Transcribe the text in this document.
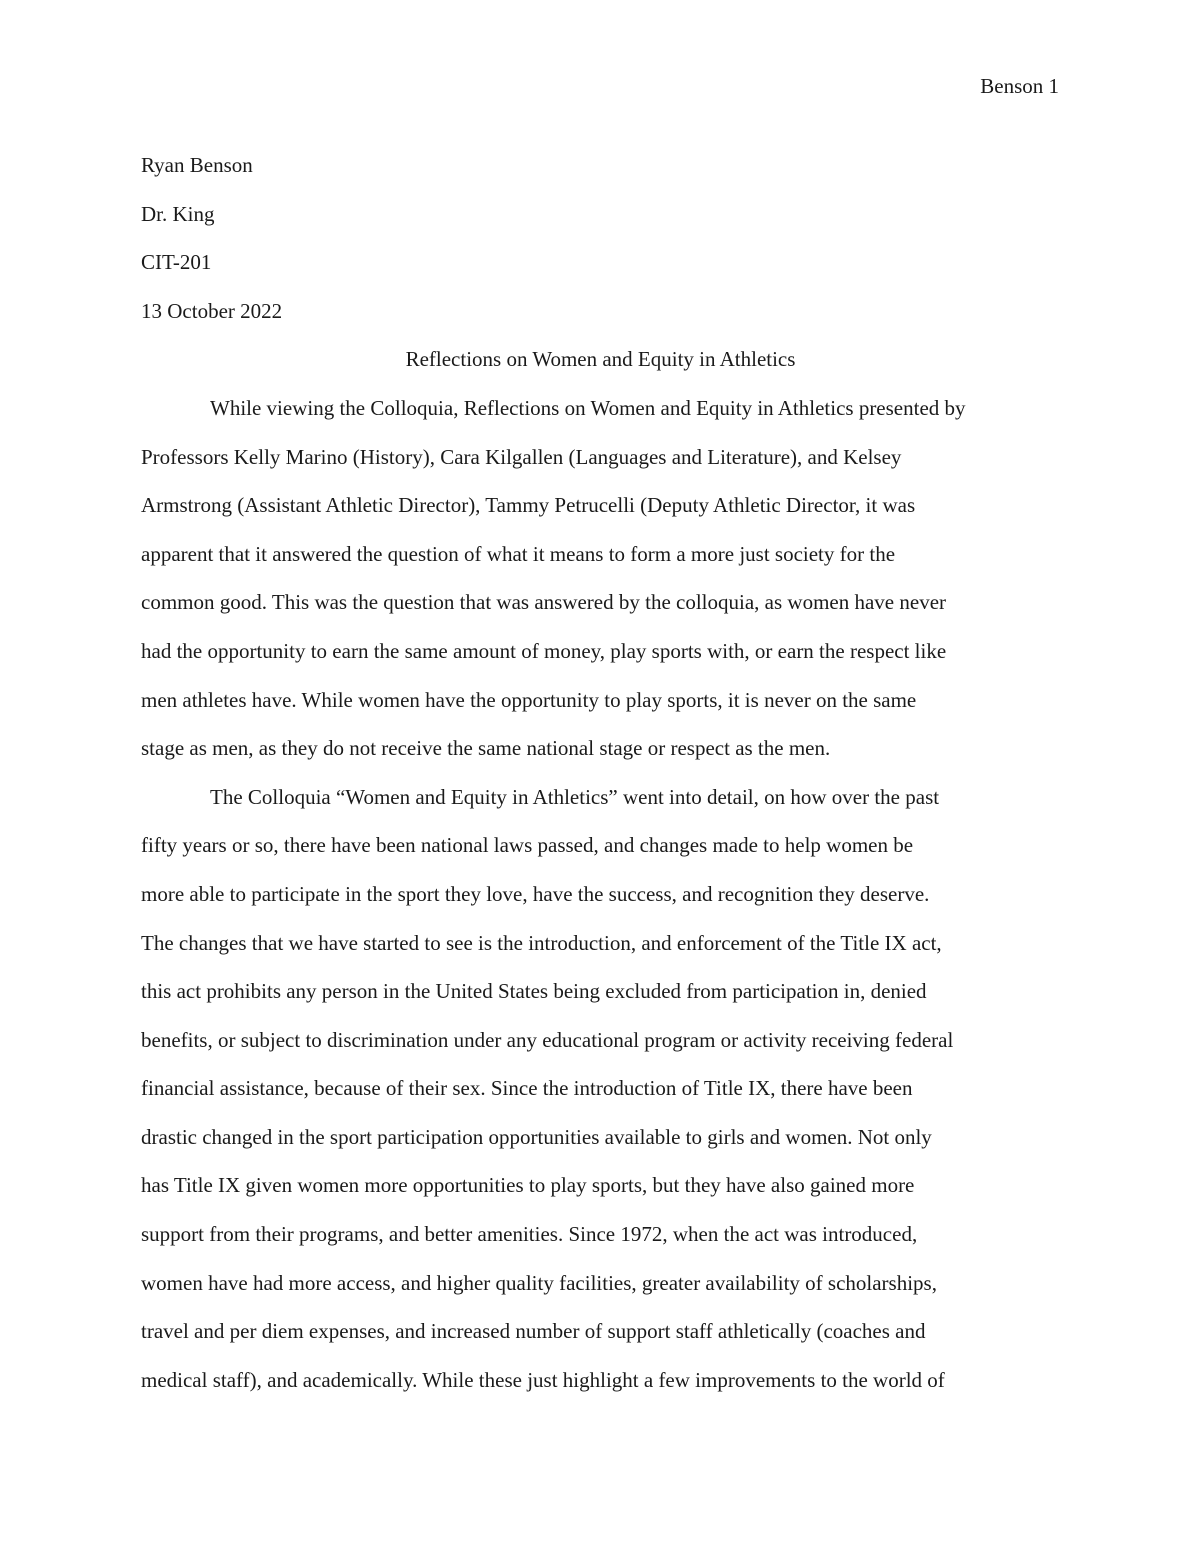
Benson 1

Ryan Benson

Dr. King

CIT-201

13 October 2022

Reflections on Women and Equity in Athletics

While viewing the Colloquia, Reflections on Women and Equity in Athletics presented by

Professors Kelly Marino (History), Cara Kilgallen (Languages and Literature), and Kelsey

Armstrong (Assistant Athletic Director), Tammy Petrucelli (Deputy Athletic Director, it was

apparent that it answered the question of what it means to form a more just society for the

common good. This was the question that was answered by the colloquia, as women have never

had the opportunity to earn the same amount of money, play sports with, or earn the respect like

men athletes have. While women have the opportunity to play sports, it is never on the same

stage as men, as they do not receive the same national stage or respect as the men.

The Colloquia “Women and Equity in Athletics” went into detail, on how over the past

fifty years or so, there have been national laws passed, and changes made to help women be

more able to participate in the sport they love, have the success, and recognition they deserve.

The changes that we have started to see is the introduction, and enforcement of the Title IX act,

this act prohibits any person in the United States being excluded from participation in, denied

benefits, or subject to discrimination under any educational program or activity receiving federal

financial assistance, because of their sex. Since the introduction of Title IX, there have been

drastic changed in the sport participation opportunities available to girls and women. Not only

has Title IX given women more opportunities to play sports, but they have also gained more

support from their programs, and better amenities. Since 1972, when the act was introduced,

women have had more access, and higher quality facilities, greater availability of scholarships,

travel and per diem expenses, and increased number of support staff athletically (coaches and

medical staff), and academically. While these just highlight a few improvements to the world of
